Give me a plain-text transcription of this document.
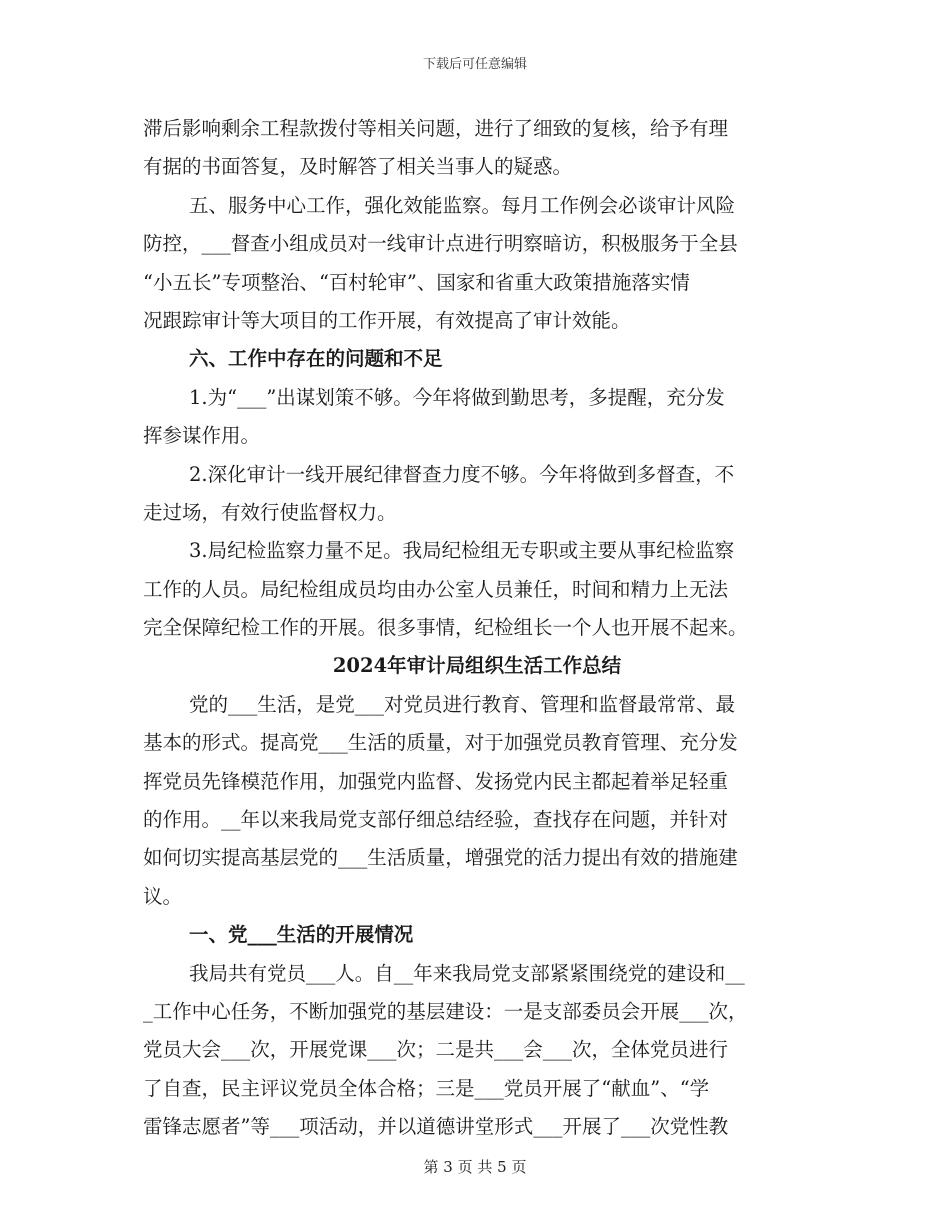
下载后可任意编辑
滞后影响剩余工程款拨付等相关问题，进行了细致的复核，给予有理
有据的书面答复，及时解答了相关当事人的疑惑。
五、服务中心工作，强化效能监察。每月工作例会必谈审计风险
防控，___督查小组成员对一线审计点进行明察暗访，积极服务于全县
“小五长”专项整治、“百村轮审”、国家和省重大政策措施落实情
况跟踪审计等大项目的工作开展，有效提高了审计效能。
六、工作中存在的问题和不足
1.为“___”出谋划策不够。今年将做到勤思考，多提醒，充分发
挥参谋作用。
2.深化审计一线开展纪律督查力度不够。今年将做到多督查，不
走过场，有效行使监督权力。
3.局纪检监察力量不足。我局纪检组无专职或主要从事纪检监察
工作的人员。局纪检组成员均由办公室人员兼任，时间和精力上无法
完全保障纪检工作的开展。很多事情，纪检组长一个人也开展不起来。
2024年审计局组织生活工作总结
党的___生活，是党___对党员进行教育、管理和监督最常常、最
基本的形式。提高党___生活的质量，对于加强党员教育管理、充分发
挥党员先锋模范作用，加强党内监督、发扬党内民主都起着举足轻重
的作用。__年以来我局党支部仔细总结经验，查找存在问题，并针对
如何切实提高基层党的___生活质量，增强党的活力提出有效的措施建
议。
一、党___生活的开展情况
我局共有党员___人。自__年来我局党支部紧紧围绕党的建设和__
_工作中心任务，不断加强党的基层建设：一是支部委员会开展___次，
党员大会___次，开展党课___次；二是共___会___次，全体党员进行
了自查，民主评议党员全体合格；三是___党员开展了“献血”、“学
雷锋志愿者”等___项活动，并以道德讲堂形式___开展了___次党性教
第 3 页 共 5 页
